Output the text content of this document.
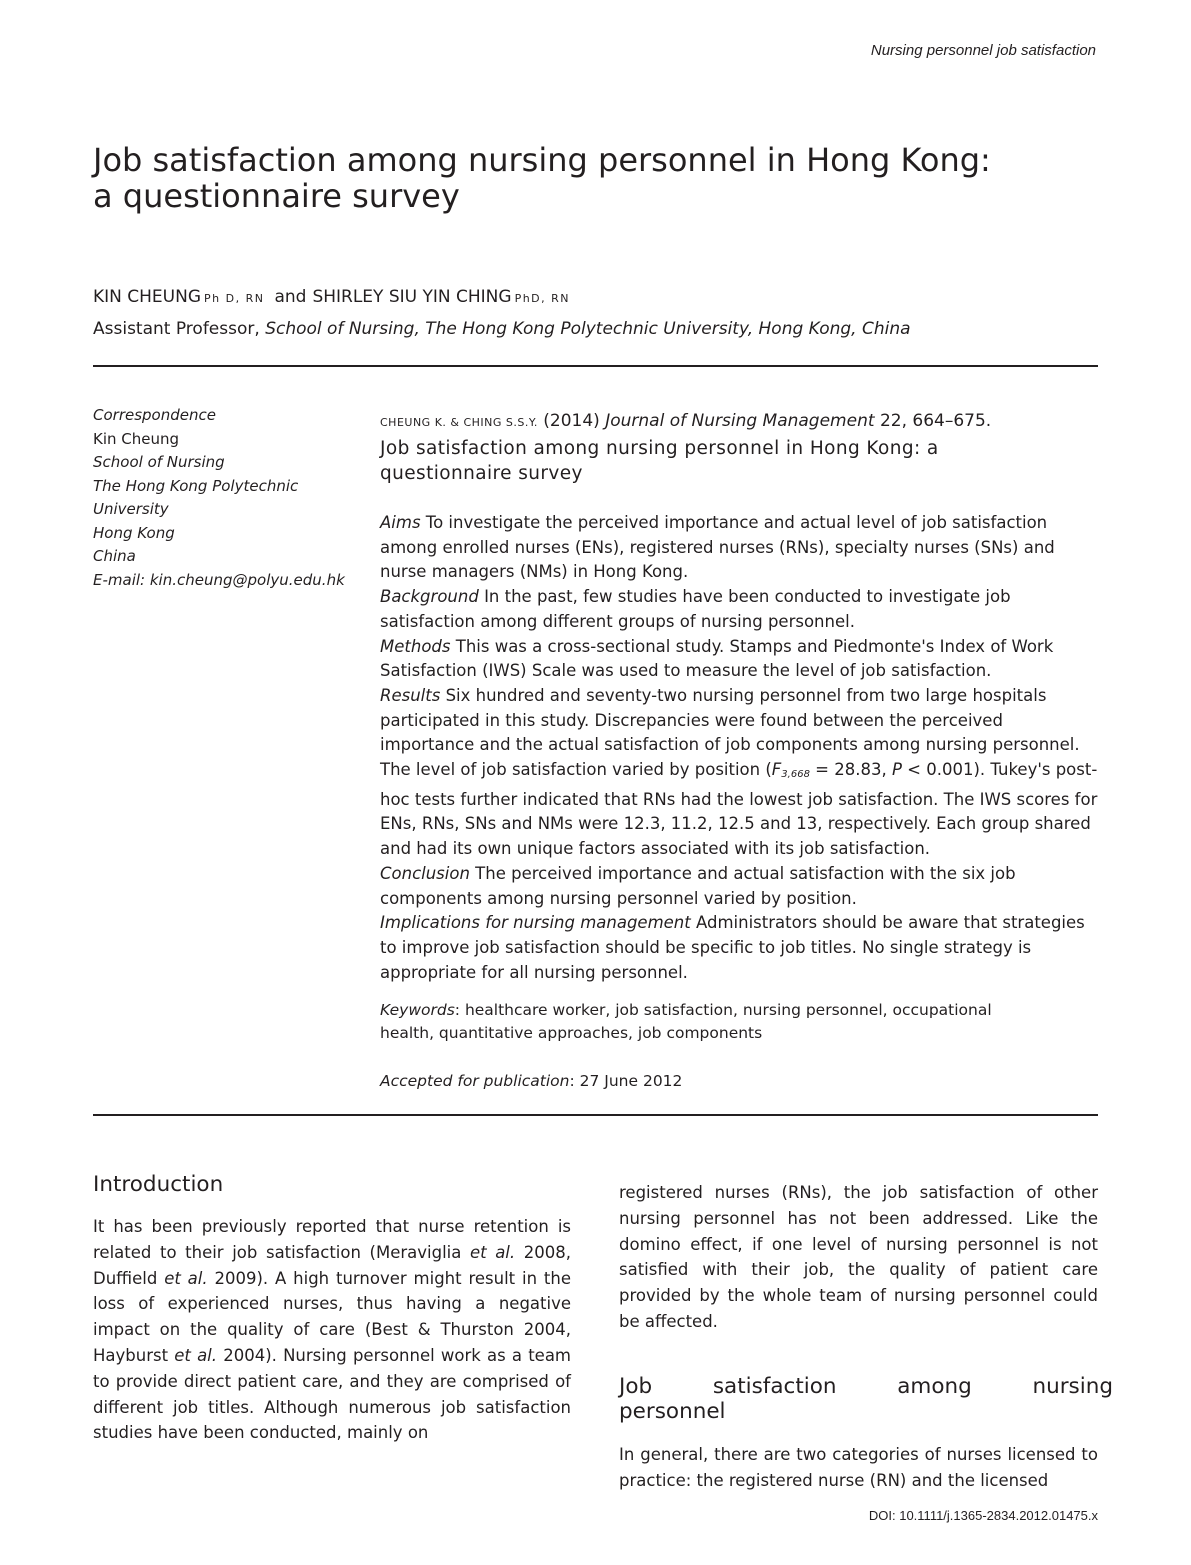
Nursing personnel job satisfaction
Job satisfaction among nursing personnel in Hong Kong:
a questionnaire survey
KIN CHEUNG Ph D, RN and SHIRLEY SIU YIN CHING PhD, RN
Assistant Professor, School of Nursing, The Hong Kong Polytechnic University, Hong Kong, China
Correspondence
Kin Cheung
School of Nursing
The Hong Kong Polytechnic
University
Hong Kong
China
E-mail: kin.cheung@polyu.edu.hk
CHEUNG K. & CHING S.S.Y. (2014) Journal of Nursing Management 22, 664–675.
Job satisfaction among nursing personnel in Hong Kong: a
questionnaire survey

Aims To investigate the perceived importance and actual level of job satisfaction among enrolled nurses (ENs), registered nurses (RNs), specialty nurses (SNs) and nurse managers (NMs) in Hong Kong.

Background In the past, few studies have been conducted to investigate job satisfaction among different groups of nursing personnel.

Methods This was a cross-sectional study. Stamps and Piedmonte's Index of Work Satisfaction (IWS) Scale was used to measure the level of job satisfaction.

Results Six hundred and seventy-two nursing personnel from two large hospitals participated in this study. Discrepancies were found between the perceived importance and the actual satisfaction of job components among nursing personnel. The level of job satisfaction varied by position ($F_{3,668} = 28.83$, P < 0.001). Tukey's post-hoc tests further indicated that RNs had the lowest job satisfaction. The IWS scores for ENs, RNs, SNs and NMs were 12.3, 11.2, 12.5 and 13, respectively. Each group shared and had its own unique factors associated with its job satisfaction.

Conclusion The perceived importance and actual satisfaction with the six job components among nursing personnel varied by position.

Implications for nursing management Administrators should be aware that strategies to improve job satisfaction should be specific to job titles. No single strategy is appropriate for all nursing personnel.

Keywords: healthcare worker, job satisfaction, nursing personnel, occupational
health, quantitative approaches, job components
Accepted for publication: 27 June 2012
Introduction

It has been previously reported that nurse retention is related to their job satisfaction (Meraviglia et al. 2008, Duffield et al. 2009). A high turnover might result in the loss of experienced nurses, thus having a negative impact on the quality of care (Best & Thurston 2004, Hayburst et al. 2004). Nursing personnel work as a team to provide direct patient care, and they are comprised of different job titles. Although numerous job satisfaction studies have been conducted, mainly on

registered nurses (RNs), the job satisfaction of other nursing personnel has not been addressed. Like the domino effect, if one level of nursing personnel is not satisfied with their job, the quality of patient care provided by the whole team of nursing personnel could be affected.

Job satisfaction among nursing
personnel

In general, there are two categories of nurses licensed to practice: the registered nurse (RN) and the licensed

DOI: 10.1111/j.1365-2834.2012.01475.x
